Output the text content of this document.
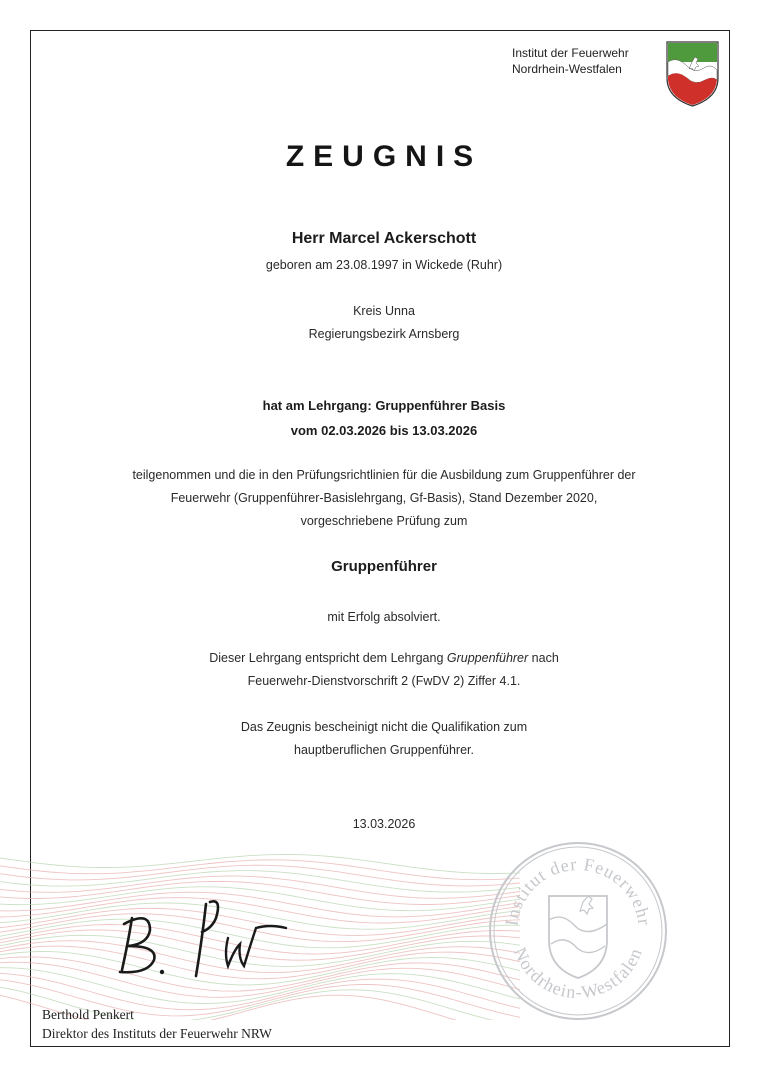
Institut der Feuerwehr
Nordrhein-Westfalen
ZEUGNIS
Herr Marcel Ackerschott
geboren am 23.08.1997 in Wickede (Ruhr)
Kreis Unna
Regierungsbezirk Arnsberg
hat am Lehrgang: Gruppenführer Basis
vom 02.03.2026 bis 13.03.2026
teilgenommen und die in den Prüfungsrichtlinien für die Ausbildung zum Gruppenführer der
Feuerwehr (Gruppenführer-Basislehrgang, Gf-Basis), Stand Dezember 2020,
vorgeschriebene Prüfung zum
Gruppenführer
mit Erfolg absolviert.
Dieser Lehrgang entspricht dem Lehrgang Gruppenführer nach
Feuerwehr-Dienstvorschrift 2 (FwDV 2) Ziffer 4.1.
Das Zeugnis bescheinigt nicht die Qualifikation zum
hauptberuflichen Gruppenführer.
13.03.2026
Berthold Penkert
Direktor des Instituts der Feuerwehr NRW
Institut der Feuerwehr
Nordrhein-Westfalen
